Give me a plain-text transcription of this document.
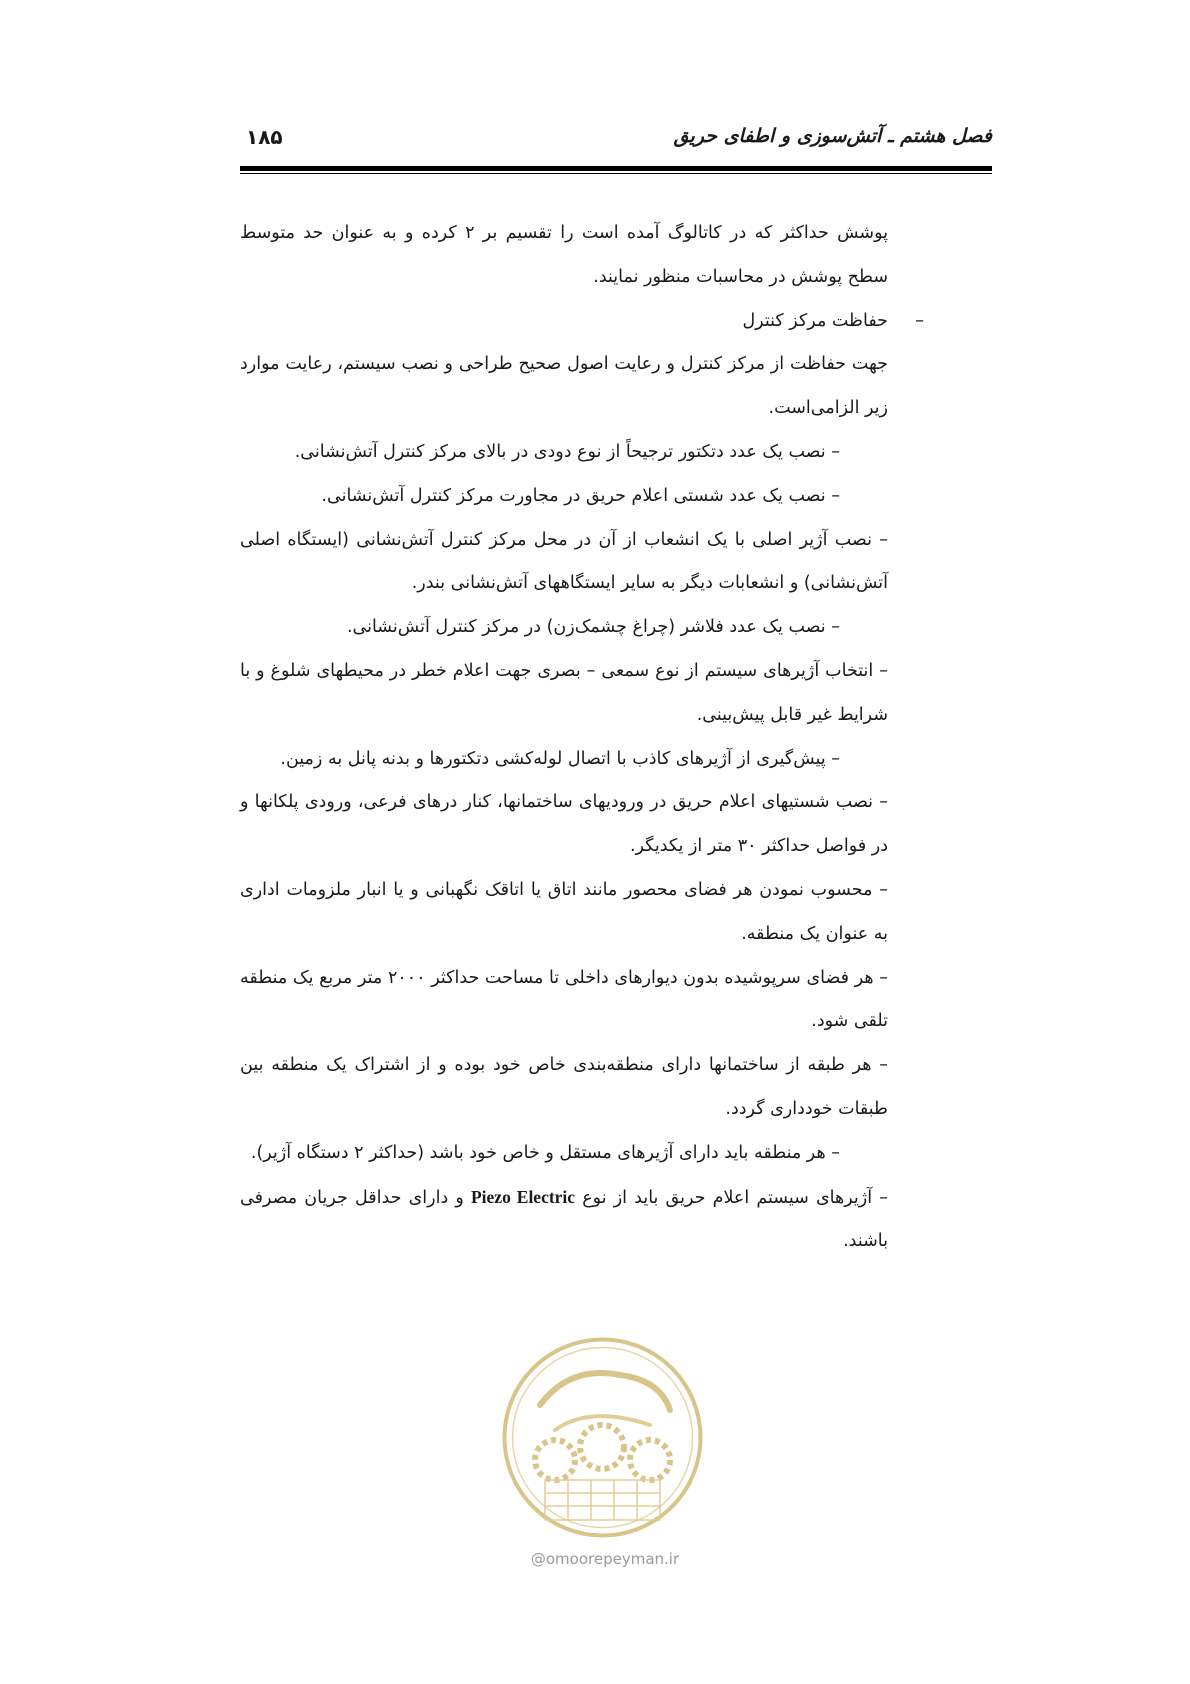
فصل هشتم ـ آتش‌سوزی و اطفای حریق
۱۸۵

پوشش حداکثر که در کاتالوگ آمده است را تقسیم بر ۲ کرده و به عنوان حد متوسط سطح پوشش در محاسبات منظور نمایند.

–
حفاظت مرکز کنترل

جهت حفاظت از مرکز کنترل و رعایت اصول صحیح طراحی و نصب سیستم، رعایت موارد زیر الزامی‌است.

– نصب یک عدد دتکتور ترجیحاً از نوع دودی در بالای مرکز کنترل آتش‌نشانی.

– نصب یک عدد شستی اعلام حریق در مجاورت مرکز کنترل آتش‌نشانی.

– نصب آژیر اصلی با یک انشعاب از آن در محل مرکز کنترل آتش‌نشانی (ایستگاه اصلی آتش‌نشانی) و انشعابات دیگر به سایر ایستگاههای آتش‌نشانی بندر.

– نصب یک عدد فلاشر (چراغ چشمک‌زن) در مرکز کنترل آتش‌نشانی.

– انتخاب آژیرهای سیستم از نوع سمعی – بصری جهت اعلام خطر در محیطهای شلوغ و با شرایط غیر قابل پیش‌بینی.

– پیش‌گیری از آژیرهای کاذب با اتصال لوله‌کشی دتکتورها و بدنه پانل به زمین.

– نصب شستیهای اعلام حریق در ورودیهای ساختمانها، کنار درهای فرعی، ورودی پلکانها و در فواصل حداکثر ۳۰ متر از یکدیگر.

– محسوب نمودن هر فضای محصور مانند اتاق یا اتاقک نگهبانی و یا انبار ملزومات اداری به عنوان یک منطقه.

– هر فضای سرپوشیده بدون دیوارهای داخلی تا مساحت حداکثر ۲۰۰۰ متر مربع یک منطقه تلقی شود.

– هر طبقه از ساختمانها دارای منطقه‌بندی خاص خود بوده و از اشتراک یک منطقه بین طبقات خودداری گردد.

– هر منطقه باید دارای آژیرهای مستقل و خاص خود باشد (حداکثر ۲ دستگاه آژیر).

– آژیرهای سیستم اعلام حریق باید از نوع Piezo Electric و دارای حداقل جریان مصرفی باشند.

@omoorepeyman.ir
